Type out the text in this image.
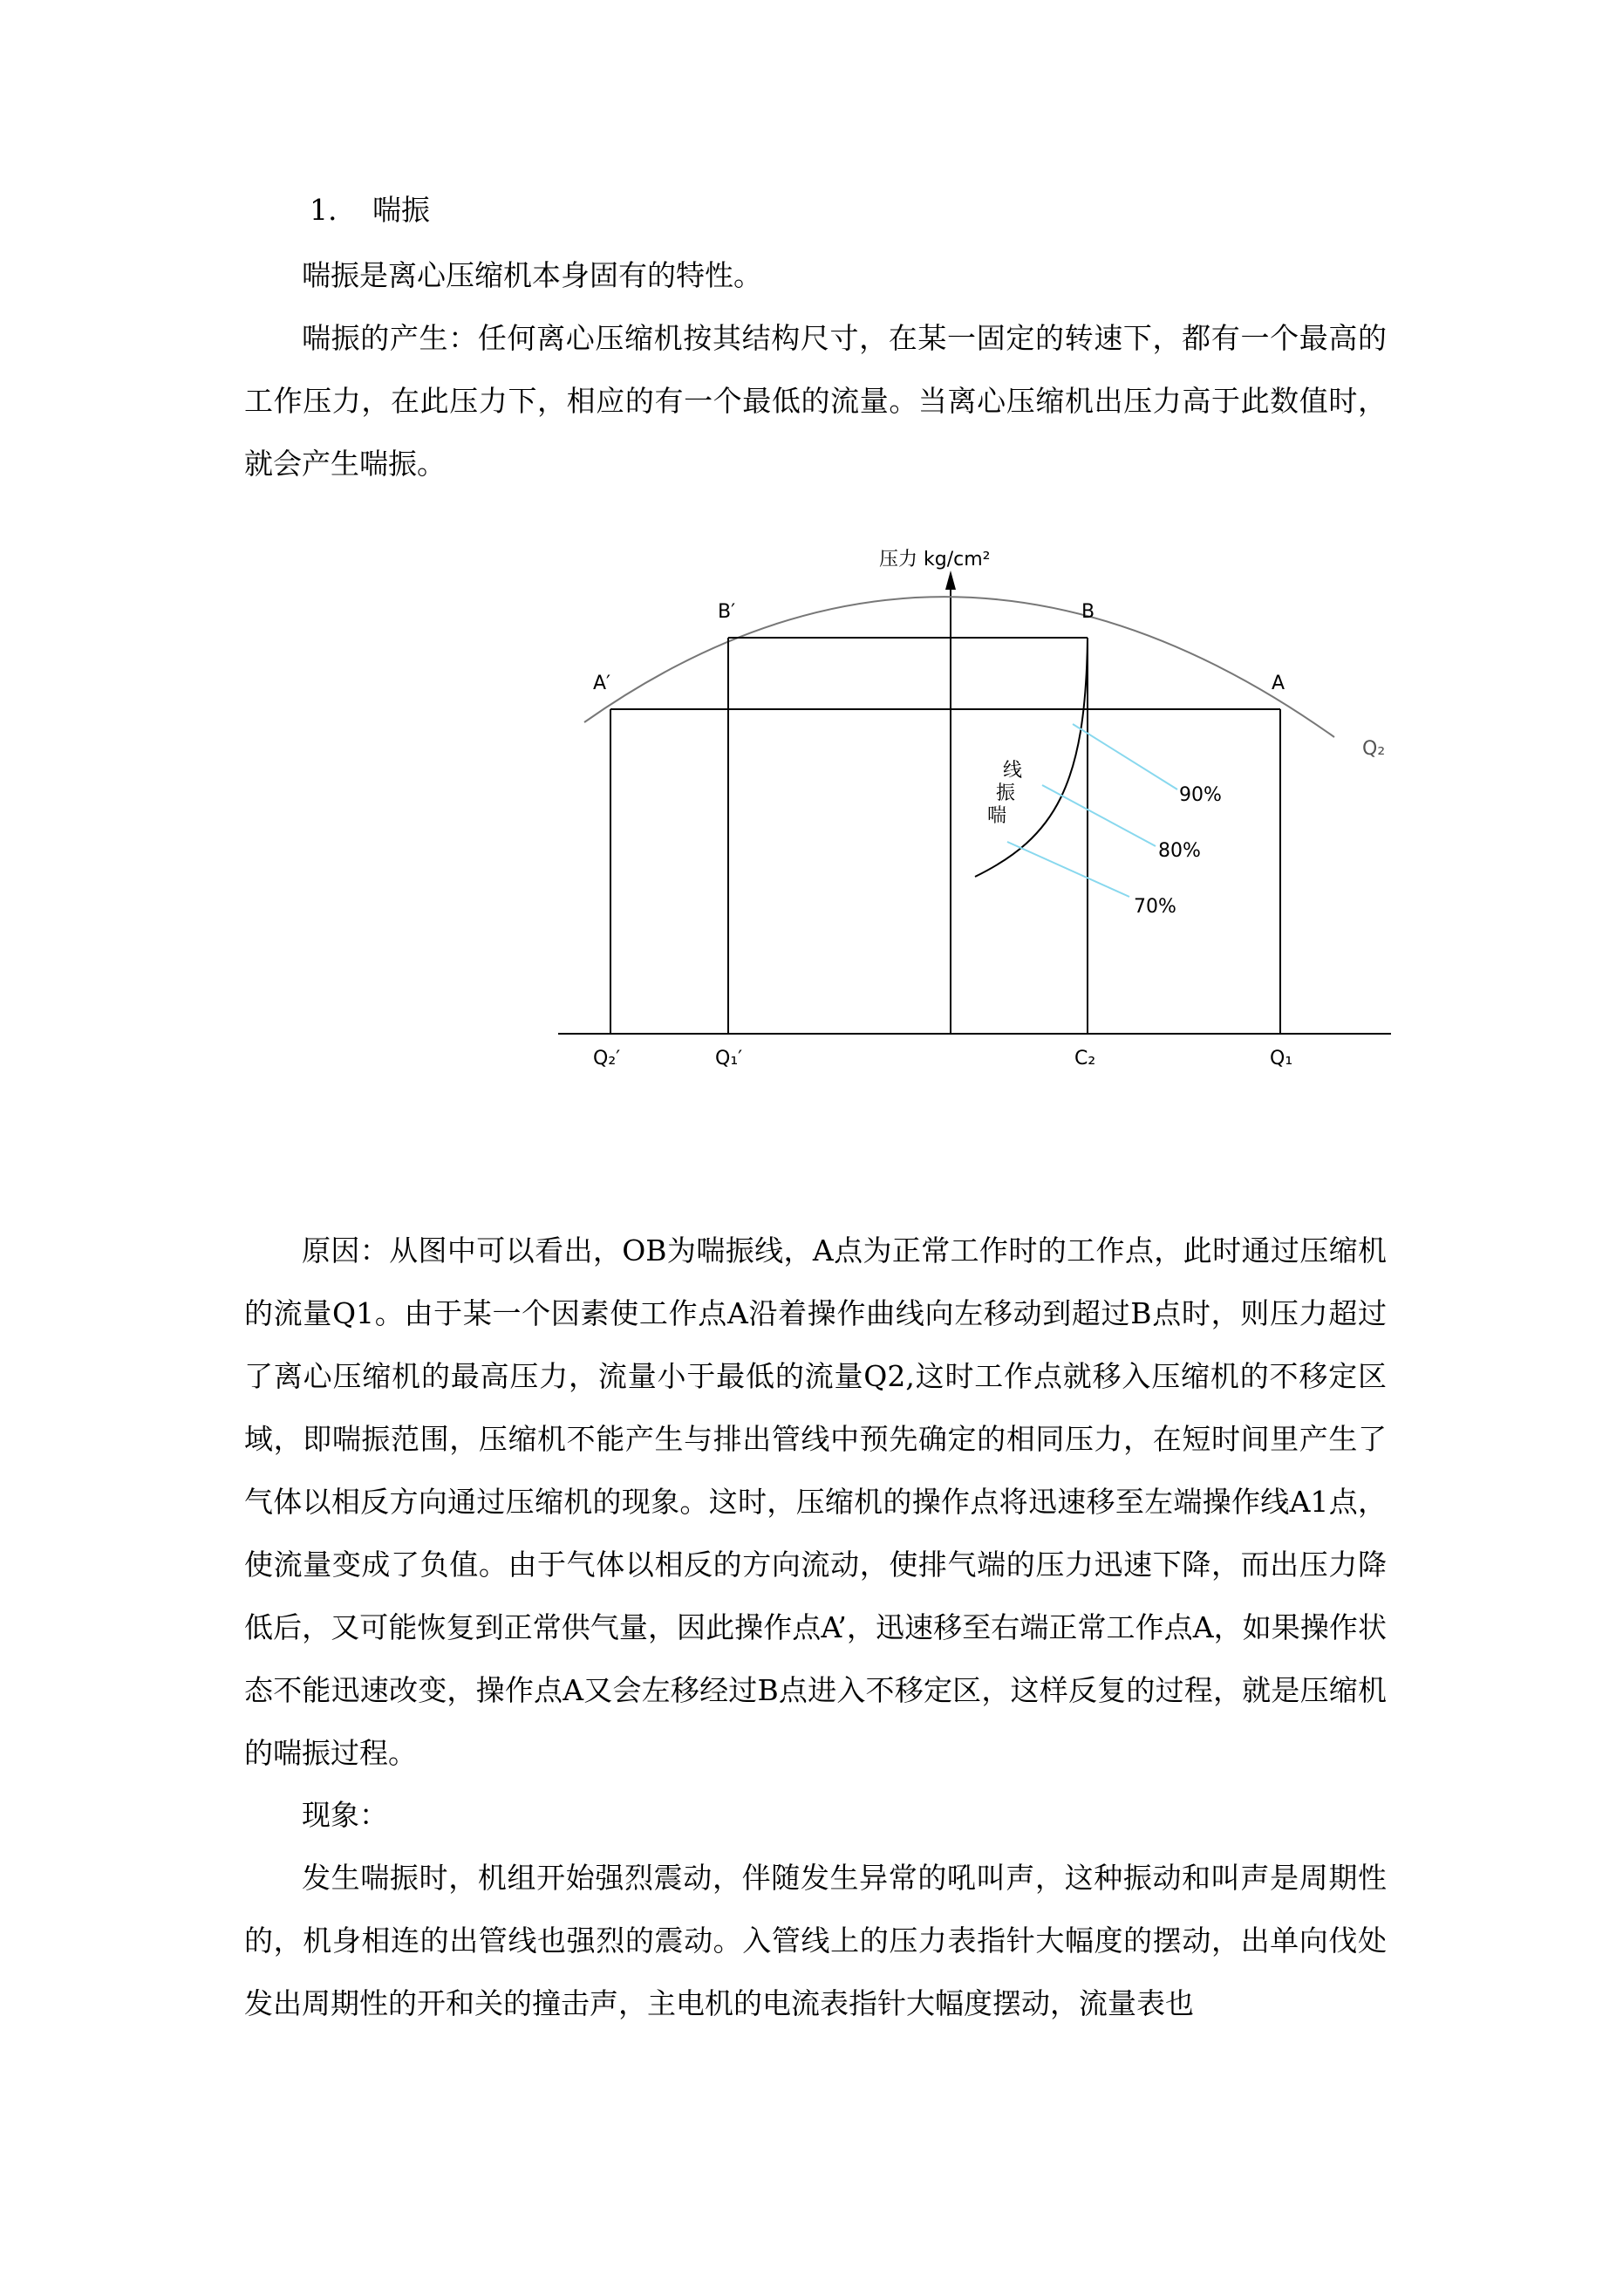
1. 喘振

喘振是离心压缩机本身固有的特性。

喘振的产生：任何离心压缩机按其结构尺寸，在某一固定的转速下，都有一个最高的工作压力，在此压力下，相应的有一个最低的流量。当离心压缩机出压力高于此数值时，就会产生喘振。

压力 kg/cm²
90%
80%
70%
线
振
喘
A′
B′	B
A
Q₂
Q₂′	Q₁′	C₂	Q₁

原因：从图中可以看出，OB为喘振线，A点为正常工作时的工作点，此时通过压缩机的流量Q1。由于某一个因素使工作点A沿着操作曲线向左移动到超过B点时，则压力超过了离心压缩机的最高压力，流量小于最低的流量Q2,这时工作点就移入压缩机的不移定区域，即喘振范围，压缩机不能产生与排出管线中预先确定的相同压力，在短时间里产生了气体以相反方向通过压缩机的现象。这时，压缩机的操作点将迅速移至左端操作线A1点，使流量变成了负值。由于气体以相反的方向流动，使排气端的压力迅速下降，而出压力降低后，又可能恢复到正常供气量，因此操作点A’，迅速移至右端正常工作点A，如果操作状态不能迅速改变，操作点A又会左移经过B点进入不移定区，这样反复的过程，就是压缩机的喘振过程。

现象：

发生喘振时，机组开始强烈震动，伴随发生异常的吼叫声，这种振动和叫声是周期性的，机身相连的出管线也强烈的震动。入管线上的压力表指针大幅度的摆动，出单向伐处发出周期性的开和关的撞击声，主电机的电流表指针大幅度摆动，流量表也
